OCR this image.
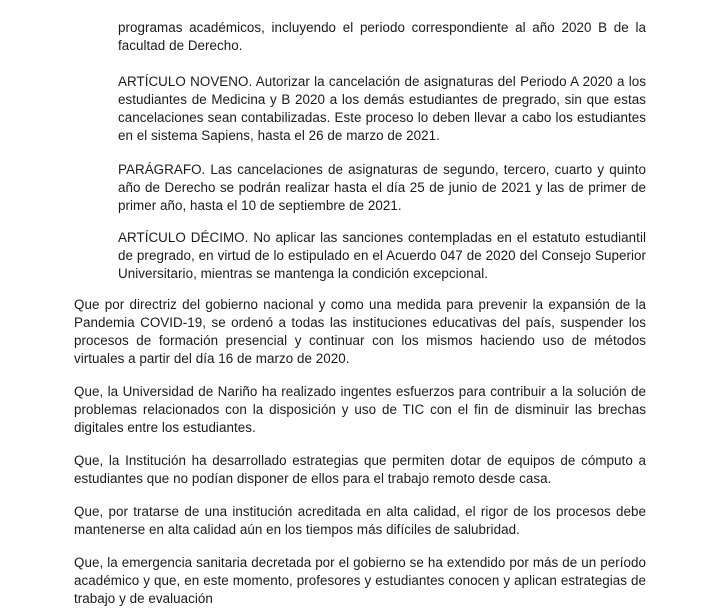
programas académicos, incluyendo el periodo correspondiente al año 2020 B de la facultad de Derecho.

ARTÍCULO NOVENO. Autorizar la cancelación de asignaturas del Periodo A 2020 a los estudiantes de Medicina y B 2020 a los demás estudiantes de pregrado, sin que estas cancelaciones sean contabilizadas. Este proceso lo deben llevar a cabo los estudiantes en el sistema Sapiens, hasta el 26 de marzo de 2021.

PARÁGRAFO. Las cancelaciones de asignaturas de segundo, tercero, cuarto y quinto año de Derecho se podrán realizar hasta el día 25 de junio de 2021 y las de primer de primer año, hasta el 10 de septiembre de 2021.

ARTÍCULO DÉCIMO. No aplicar las sanciones contempladas en el estatuto estudiantil de pregrado, en virtud de lo estipulado en el Acuerdo 047 de 2020 del Consejo Superior Universitario, mientras se mantenga la condición excepcional.

Que por directriz del gobierno nacional y como una medida para prevenir la expansión de la Pandemia COVID-19, se ordenó a todas las instituciones educativas del país, suspender los procesos de formación presencial y continuar con los mismos haciendo uso de métodos virtuales a partir del día 16 de marzo de 2020.

Que, la Universidad de Nariño ha realizado ingentes esfuerzos para contribuir a la solución de problemas relacionados con la disposición y uso de TIC con el fin de disminuir las brechas digitales entre los estudiantes.

Que, la Institución ha desarrollado estrategias que permiten dotar de equipos de cómputo a estudiantes que no podían disponer de ellos para el trabajo remoto desde casa.

Que, por tratarse de una institución acreditada en alta calidad, el rigor de los procesos debe mantenerse en alta calidad aún en los tiempos más difíciles de salubridad.

Que, la emergencia sanitaria decretada por el gobierno se ha extendido por más de un período académico y que, en este momento, profesores y estudiantes conocen y aplican estrategias de trabajo y de evaluación
